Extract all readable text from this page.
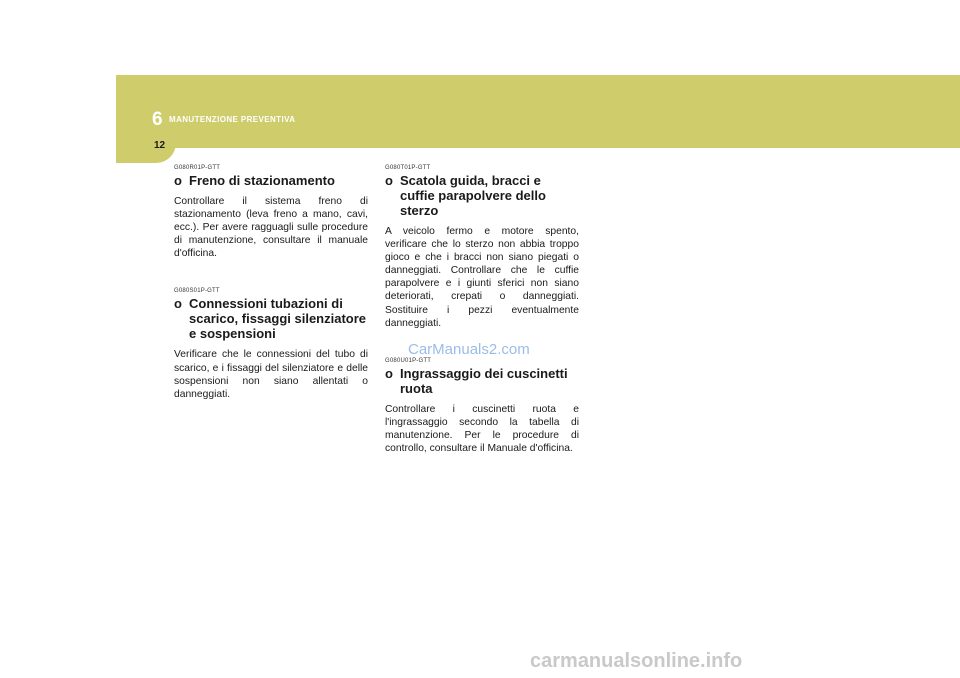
6 MANUTENZIONE PREVENTIVA
12
G080R01P-GTT
o Freno di stazionamento

Controllare il sistema freno di stazionamento (leva freno a mano, cavi, ecc.). Per avere ragguagli sulle procedure di manutenzione, consultare il manuale d'officina.

G080S01P-GTT
o Connessioni tubazioni di scarico, fissaggi silenziatore e sospensioni

Verificare che le connessioni del tubo di scarico, e i fissaggi del silenziatore e delle sospensioni non siano allentati o danneggiati.

G080T01P-GTT
o Scatola guida, bracci e cuffie parapolvere dello sterzo

A veicolo fermo e motore spento, verificare che lo sterzo non abbia troppo gioco e che i bracci non siano piegati o danneggiati. Controllare che le cuffie parapolvere e i giunti sferici non siano deteriorati, crepati o danneggiati. Sostituire i pezzi eventualmente danneggiati.

G080U01P-GTT
o Ingrassaggio dei cuscinetti ruota

Controllare i cuscinetti ruota e l'ingrassaggio secondo la tabella di manutenzione. Per le procedure di controllo, consultare il Manuale d'officina.

CarManuals2.com
carmanualsonline.info
